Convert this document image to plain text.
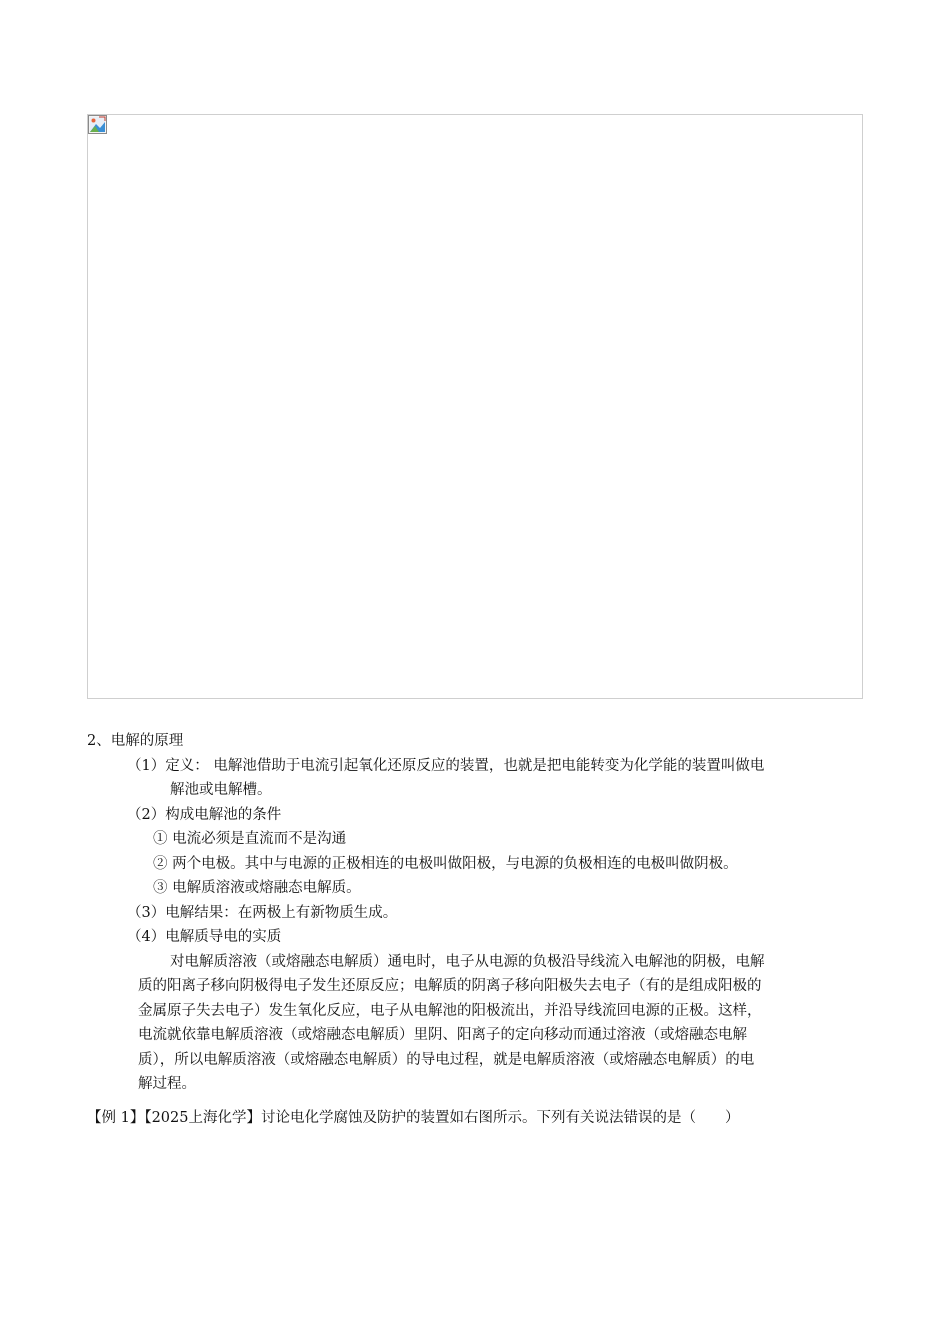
2、电解的原理
（1）定义： 电解池借助于电流引起氧化还原反应的装置，也就是把电能转变为化学能的装置叫做电
解池或电解槽。
（2）构成电解池的条件
① 电流必须是直流而不是沟通
② 两个电极。其中与电源的正极相连的电极叫做阳极，与电源的负极相连的电极叫做阴极。
③ 电解质溶液或熔融态电解质。
（3）电解结果：在两极上有新物质生成。
（4）电解质导电的实质
对电解质溶液（或熔融态电解质）通电时，电子从电源的负极沿导线流入电解池的阴极，电解
质的阳离子移向阴极得电子发生还原反应；电解质的阴离子移向阳极失去电子（有的是组成阳极的
金属原子失去电子）发生氧化反应，电子从电解池的阳极流出，并沿导线流回电源的正极。这样，
电流就依靠电解质溶液（或熔融态电解质）里阴、阳离子的定向移动而通过溶液（或熔融态电解
质），所以电解质溶液（或熔融态电解质）的导电过程，就是电解质溶液（或熔融态电解质）的电
解过程。
【例 1】【2025上海化学】讨论电化学腐蚀及防护的装置如右图所示。下列有关说法错误的是（　　）
